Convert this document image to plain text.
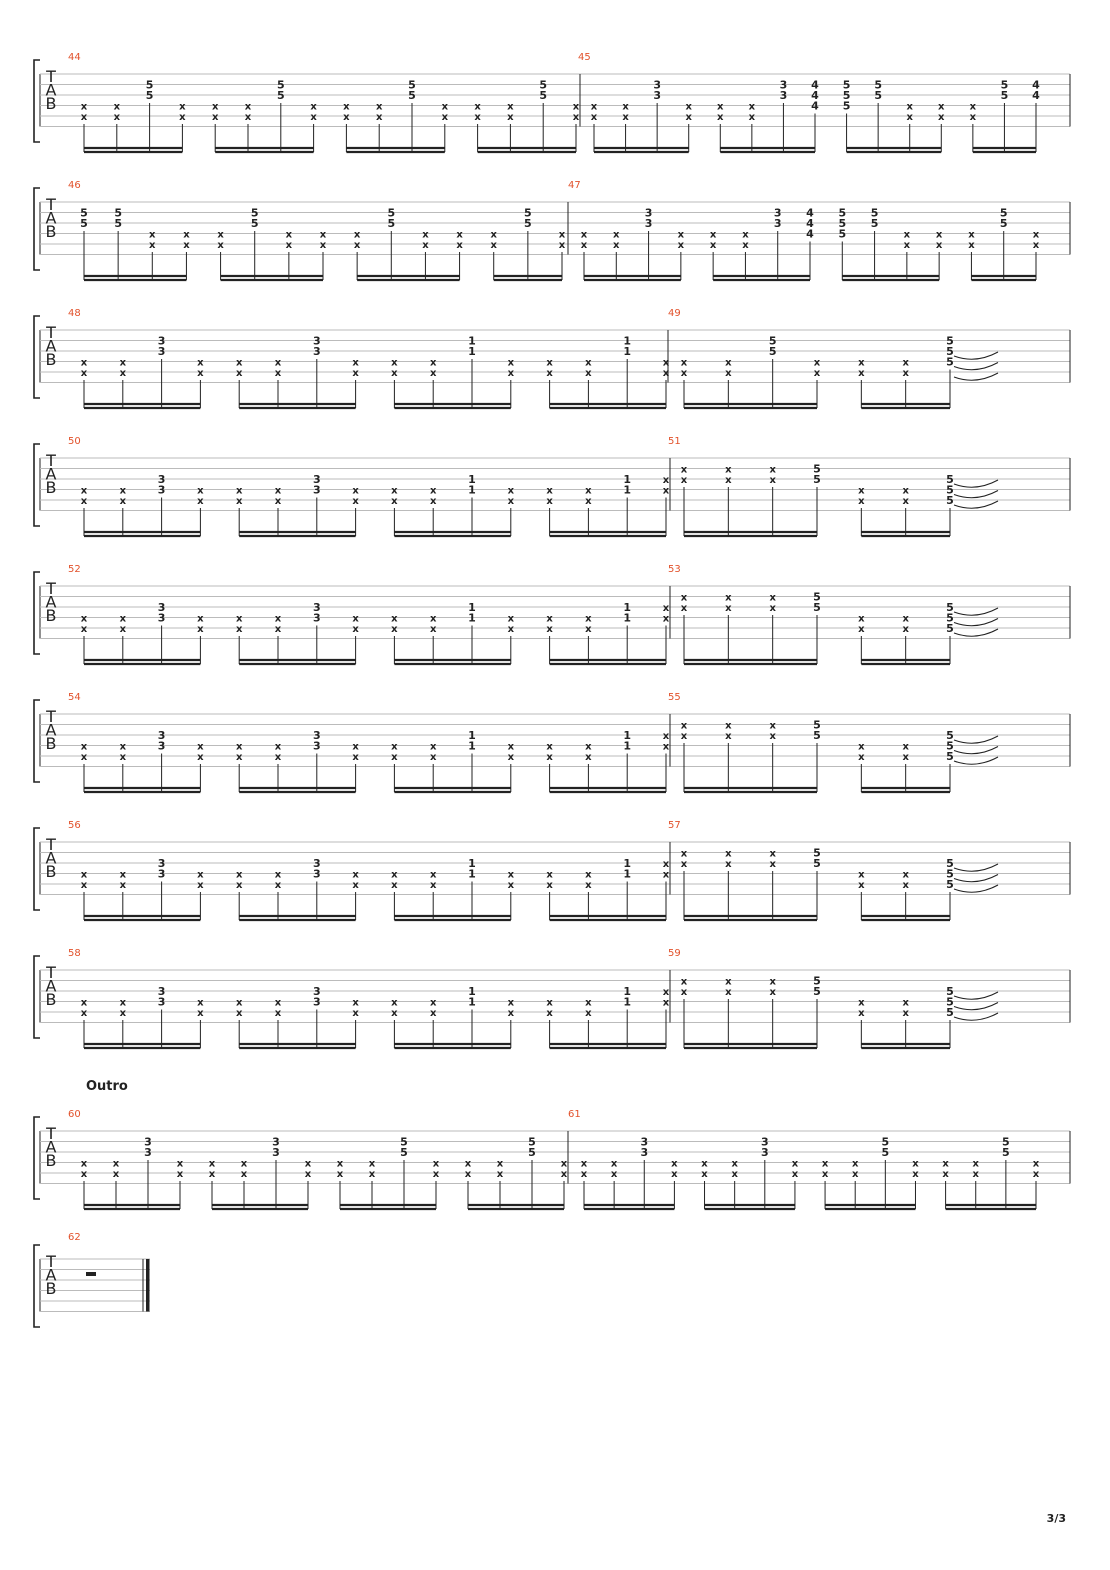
T
A
B
44
x
x
x
x
5
5
x
x
x
x
x
x
5
5
x
x
x
x
x
x
5
5
x
x
x
x
x
x
5
5
x
x
45
x
x
x
x
3
3
x
x
x
x
x
x
3
3
4
4
4
5
5
5
5
5
x
x
x
x
x
x
5
5
4
4
T
A
B
46
5
5
5
5
x
x
x
x
x
x
5
5
x
x
x
x
x
x
5
5
x
x
x
x
x
x
5
5
x
x
47
x
x
x
x
3
3
x
x
x
x
x
x
3
3
4
4
4
5
5
5
5
5
x
x
x
x
x
x
5
5
x
x
T
A
B
48
x
x
x
x
3
3
x
x
x
x
x
x
3
3
x
x
x
x
x
x
1
1
x
x
x
x
x
x
1
1
x
x
49
x
x
x
x
5
5
x
x
x
x
x
x
5
5
5
T
A
B
50
x
x
x
x
3
3	x
x
x
x
x
x
3
3	x
x
x
x
x
x
1
1	x
x
x
x
x
x
1
1
x
x
51
x
x
x
x
x
x
5
5
x
x
x
x
5
5
5
T
A
B
52
x
x
x
x
3
3	x
x
x
x
x
x
3
3	x
x
x
x
x
x
1
1	x
x
x
x
x
x
1
1
x
x
53
x
x
x
x
x
x
5
5
x
x
x
x
5
5
5
T
A
B
54
x
x
x
x
3
3	x
x
x
x
x
x
3
3	x
x
x
x
x
x
1
1	x
x
x
x
x
x
1
1
x
x
55
x
x
x
x
x
x
5
5
x
x
x
x
5
5
5
T
A
B
56
x
x
x
x
3
3	x
x
x
x
x
x
3
3	x
x
x
x
x
x
1
1	x
x
x
x
x
x
1
1
x
x
57
x
x
x
x
x
x
5
5
x
x
x
x
5
5
5
T
A
B
58
x
x
x
x
3
3	x
x
x
x
x
x
3
3	x
x
x
x
x
x
1
1	x
x
x
x
x
x
1
1
x
x
59
x
x
x
x
x
x
5
5
x
x
x
x
5
5
5
T
A
B
60
x
x
x
x
3
3
x
x
x
x
x
x
3
3
x
x
x
x
x
x
5
5
x
x
x
x
x
x
5
5
x
x
61
x
x
x
x
3
3
x
x
x
x
x
x
3
3
x
x
x
x
x
x
5
5
x
x
x
x
x
x
5
5
x
x
T
A
B
62
Outro
3/3
